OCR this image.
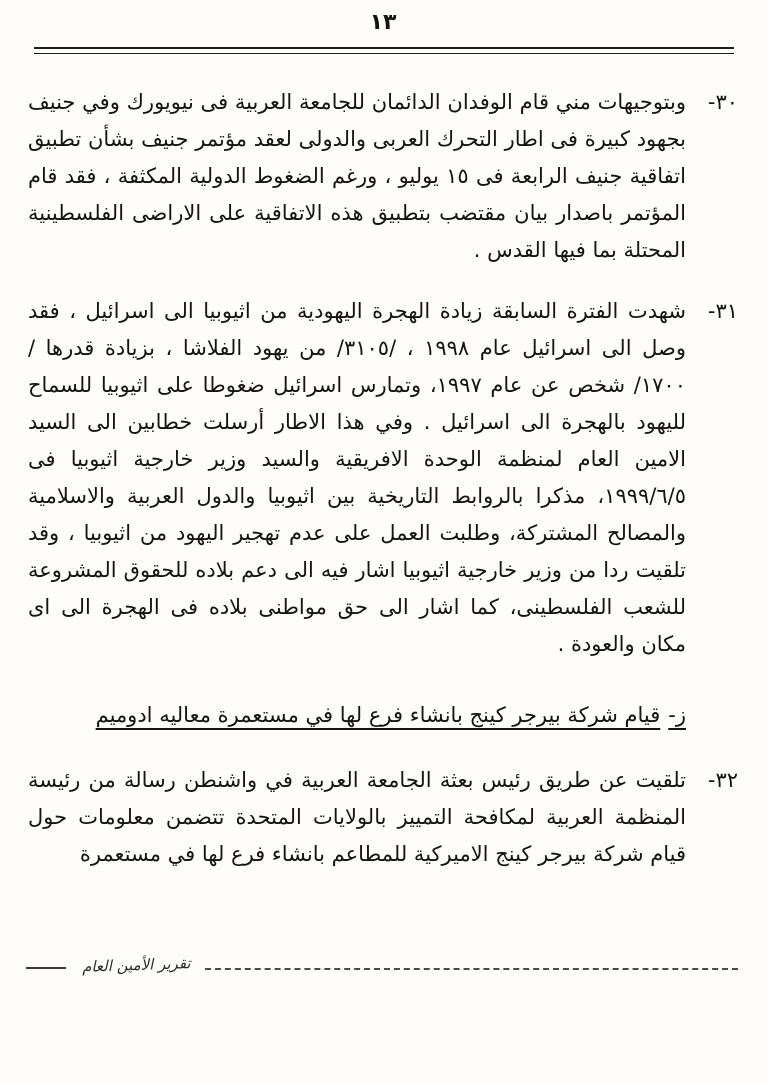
١٣
٣٠-

وبتوجيهات مني قام الوفدان الدائمان للجامعة العربية فى نيويورك وفي جنيف بجهود كبيرة فى اطار التحرك العربى والدولى لعقد مؤتمر جنيف بشأن تطبيق اتفاقية جنيف الرابعة فى ١٥ يوليو ، ورغم الضغوط الدولية المكثفة ، فقد قام المؤتمر باصدار بيان مقتضب بتطبيق هذه الاتفاقية على الاراضى الفلسطينية المحتلة بما فيها القدس .

٣١-

شهدت الفترة السابقة زيادة الهجرة اليهودية من اثيوبيا الى اسرائيل ، فقد وصل الى اسرائيل عام ١٩٩٨ ، /٣١٠٥/ من يهود الفلاشا ، بزيادة قدرها /١٧٠٠/ شخص عن عام ١٩٩٧، وتمارس اسرائيل ضغوطا على اثيوبيا للسماح لليهود بالهجرة الى اسرائيل . وفي هذا الاطار أرسلت خطابين الى السيد الامين العام لمنظمة الوحدة الافريقية والسيد وزير خارجية اثيوبيا فى ١٩٩٩/٦/٥، مذكرا بالروابط التاريخية بين اثيوبيا والدول العربية والاسلامية والمصالح المشتركة، وطلبت العمل على عدم تهجير اليهود من اثيوبيا ، وقد تلقيت ردا من وزير خارجية اثيوبيا اشار فيه الى دعم بلاده للحقوق المشروعة للشعب الفلسطينى، كما اشار الى حق مواطنى بلاده فى الهجرة الى اى مكان والعودة .

ز-قيام شركة بيرجر كينج بانشاء فرع لها في مستعمرة معاليه ادوميم
٣٢-

تلقيت عن طريق رئيس بعثة الجامعة العربية في واشنطن رسالة من رئيسة المنظمة العربية لمكافحة التمييز بالولايات المتحدة تتضمن معلومات حول قيام شركة بيرجر كينج الاميركية للمطاعم بانشاء فرع لها في مستعمرة

تقرير الأمين العام
